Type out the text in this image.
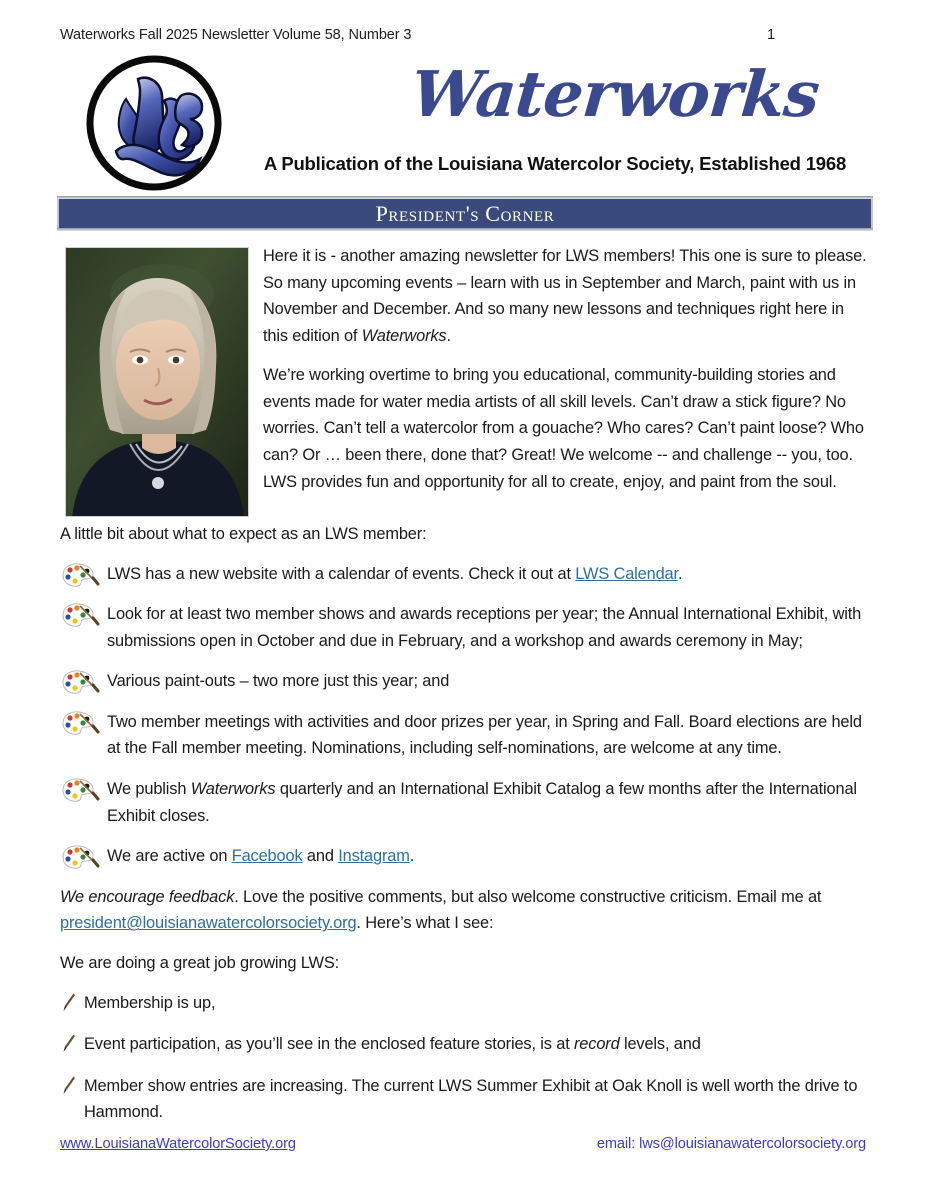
Waterworks Fall 2025 Newsletter Volume 58, Number 3	1
Waterworks
A Publication of the Louisiana Watercolor Society, Established 1968
President's Corner

Here it is - another amazing newsletter for LWS members! This one is sure to please. So many upcoming events – learn with us in September and March, paint with us in November and December. And so many new lessons and techniques right here in this edition of Waterworks.

We’re working overtime to bring you educational, community-building stories and events made for water media artists of all skill levels. Can’t draw a stick figure? No worries. Can’t tell a watercolor from a gouache? Who cares? Can’t paint loose? Who can? Or … been there, done that? Great! We welcome -- and challenge -- you, too. LWS provides fun and opportunity for all to create, enjoy, and paint from the soul.

A little bit about what to expect as an LWS member:

LWS has a new website with a calendar of events. Check it out at LWS Calendar.
Look for at least two member shows and awards receptions per year; the Annual International Exhibit, with submissions open in October and due in February, and a workshop and awards ceremony in May;
Various paint-outs – two more just this year; and
Two member meetings with activities and door prizes per year, in Spring and Fall. Board elections are held at the Fall member meeting. Nominations, including self-nominations, are welcome at any time.
We publish Waterworks quarterly and an International Exhibit Catalog a few months after the International Exhibit closes.
We are active on Facebook and Instagram.

We encourage feedback. Love the positive comments, but also welcome constructive criticism. Email me at president@louisianawatercolorsociety.org. Here’s what I see:

We are doing a great job growing LWS:

Membership is up,
Event participation, as you’ll see in the enclosed feature stories, is at record levels, and
Member show entries are increasing. The current LWS Summer Exhibit at Oak Knoll is well worth the drive to Hammond.
www.LouisianaWatercolorSociety.org	email: lws@louisianawatercolorsociety.org
